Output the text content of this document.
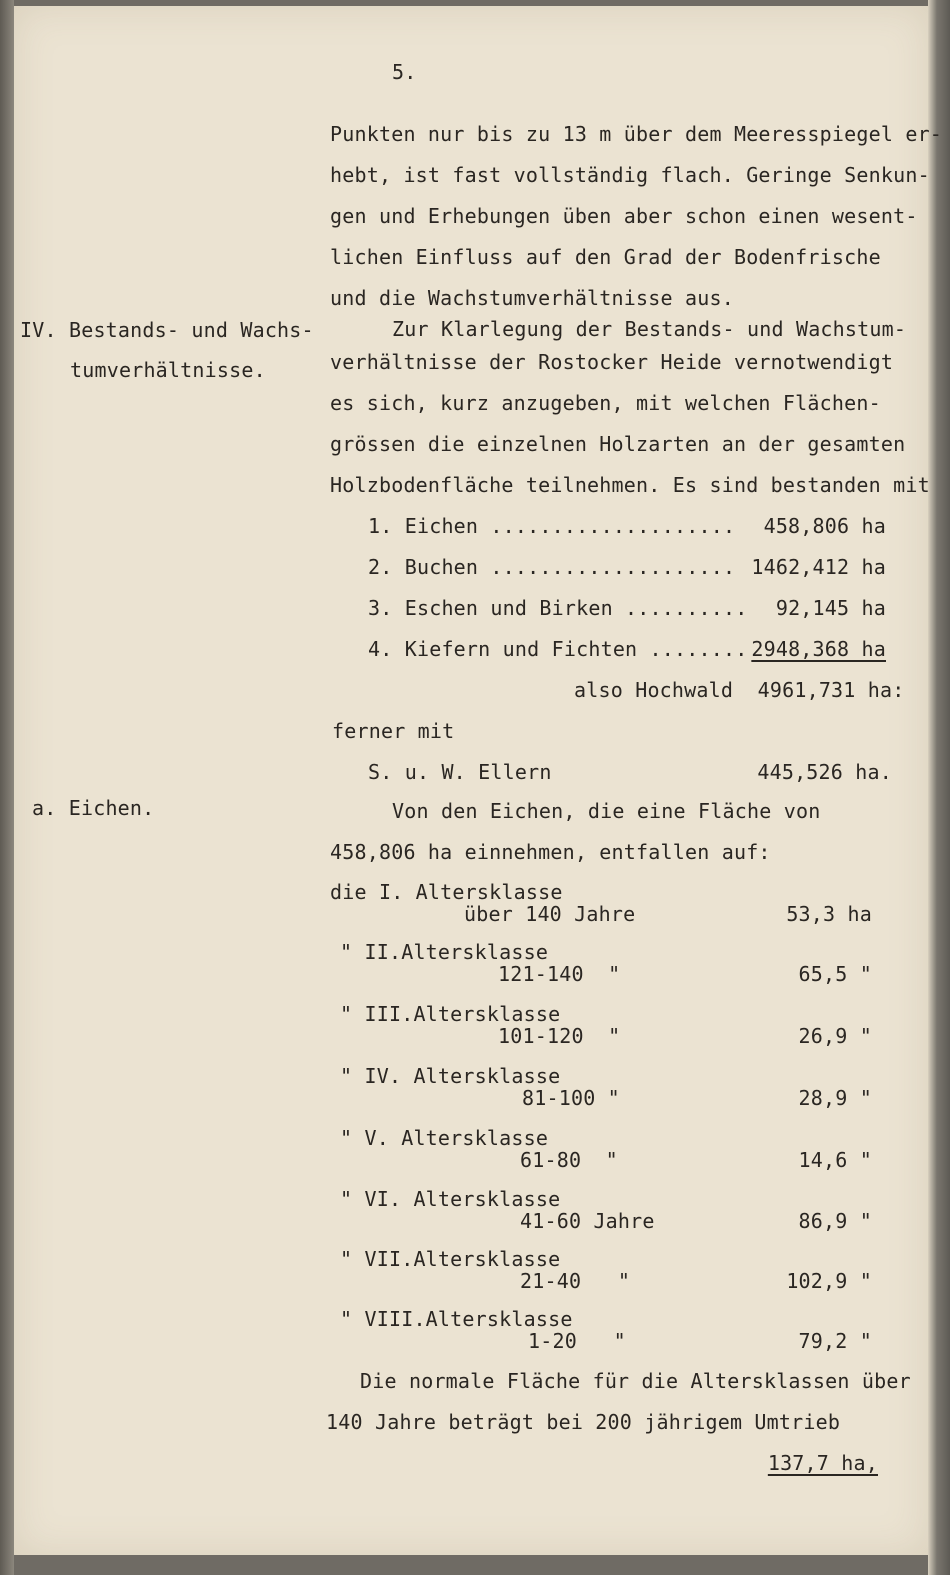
5.
Punkten nur bis zu 13 m über dem Meeresspiegel er-
hebt, ist fast vollständig flach. Geringe Senkun-
gen und Erhebungen üben aber schon einen wesent-
lichen Einfluss auf den Grad der Bodenfrische
und die Wachstumverhältnisse aus.
IV. Bestands- und Wachs-
tumverhältnisse.
Zur Klarlegung der Bestands- und Wachstum-
verhältnisse der Rostocker Heide vernotwendigt
es sich, kurz anzugeben, mit welchen Flächen-
grössen die einzelnen Holzarten an der gesamten
Holzbodenfläche teilnehmen. Es sind bestanden mit
1. Eichen ....................	458,806 ha
2. Buchen .................... 1462,412 ha
3. Eschen und Birken ..........	92,145 ha
4. Kiefern und Fichten ........ 2948,368 ha
also Hochwald  4961,731 ha:
ferner mit
S. u. W. Ellern	445,526 ha.
a. Eichen.	Von den Eichen, die eine Fläche von
458,806 ha einnehmen, entfallen auf:
die I. Altersklasse
über 140 Jahre	53,3 ha
" II.Altersklasse
121-140  "	65,5 "
" III.Altersklasse
101-120  "	26,9 "
" IV. Altersklasse
81-100 "	28,9 "
" V. Altersklasse
61-80  "	14,6 "
" VI. Altersklasse
41-60 Jahre	86,9 "
" VII.Altersklasse
21-40   "	102,9 "
" VIII.Altersklasse
1-20   "	79,2 "
Die normale Fläche für die Altersklassen über
140 Jahre beträgt bei 200 jährigem Umtrieb
137,7 ha,
